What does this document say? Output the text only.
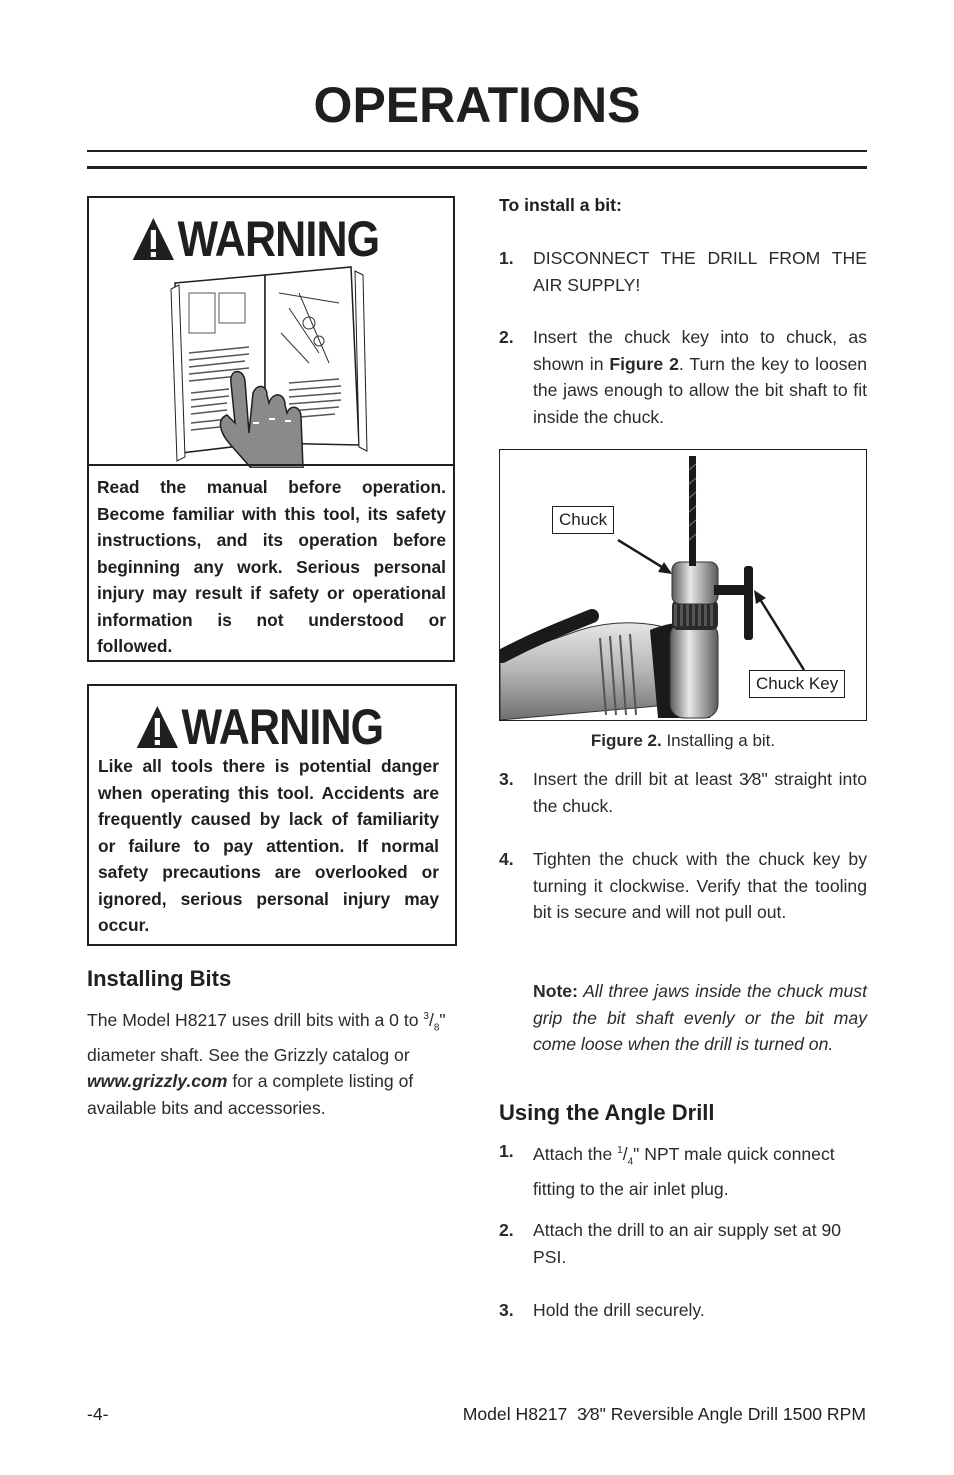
OPERATIONS
WARNING
Read the manual before operation. Become familiar with this tool, its safety instructions, and its operation before beginning any work. Serious personal injury may result if safety or operational information is not understood or followed.
WARNING
Like all tools there is potential danger when operating this tool. Accidents are frequently caused by lack of familiarity or failure to pay attention. If normal safety precautions are overlooked or ignored, serious personal injury may occur.
Installing Bits
The Model H8217 uses drill bits with a 0 to $^3/_8$" diameter shaft. See the Grizzly catalog or www.grizzly.com for a complete listing of available bits and accessories.
To install a bit:
1. DISCONNECT THE DRILL FROM THE AIR SUPPLY!
2. Insert the chuck key into to chuck, as shown in Figure 2. Turn the key to loosen the jaws enough to allow the bit shaft to fit inside the chuck.
Chuck
Chuck Key
Figure 2. Installing a bit.
3. Insert the drill bit at least 3⁄8" straight into the chuck.
4. Tighten the chuck with the chuck key by turning it clockwise. Verify that the tooling bit is secure and will not pull out.
Note: All three jaws inside the chuck must grip the bit shaft evenly or the bit may come loose when the drill is turned on.
Using the Angle Drill
1. Attach the $^1/_4$" NPT male quick connect fitting to the air inlet plug.
2. Attach the drill to an air supply set at 90 PSI.
3. Hold the drill securely.
-4-	Model H8217  3⁄8" Reversible Angle Drill 1500 RPM
